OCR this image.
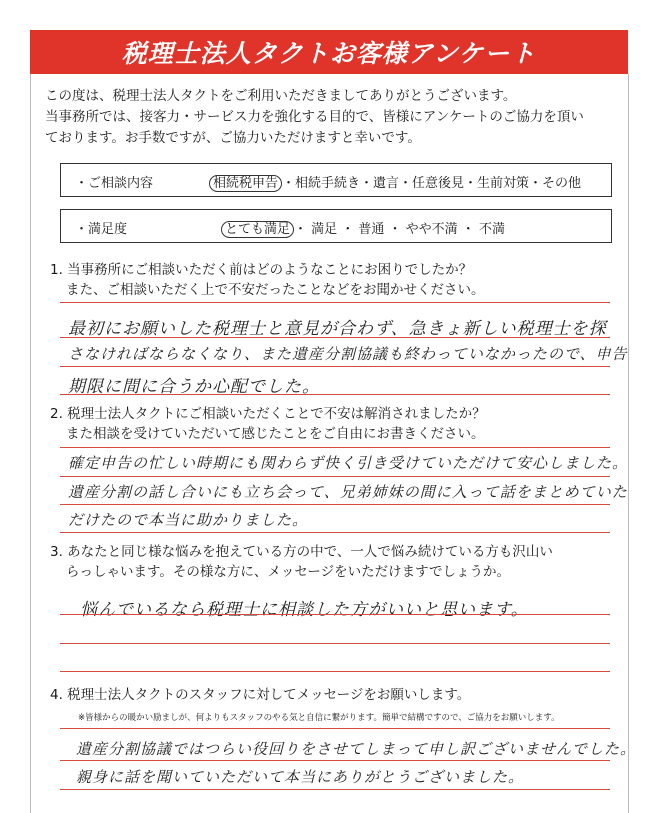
税理士法人タクトお客様アンケート
この度は、税理士法人タクトをご利用いただきましてありがとうございます。
当事務所では、接客力・サービス力を強化する目的で、皆様にアンケートのご協力を頂い
ております。お手数ですが、ご協力いただけますと幸いです。
・ご相談内容	相続税申告 ・相続手続き・遺言・任意後見・生前対策・その他
・満足度	とても満足 ・ 満足 ・ 普通 ・ やや不満 ・ 不満
1. 当事務所にご相談いただく前はどのようなことにお困りでしたか？
また、ご相談いただく上で不安だったことなどをお聞かせください。
最初にお願いした税理士と意見が合わず、急きょ新しい税理士を探
さなければならなくなり、また遺産分割協議も終わっていなかったので、申告
期限に間に合うか心配でした。
2. 税理士法人タクトにご相談いただくことで不安は解消されましたか？
また相談を受けていただいて感じたことをご自由にお書きください。
確定申告の忙しい時期にも関わらず快く引き受けていただけて安心しました。
遺産分割の話し合いにも立ち会って、兄弟姉妹の間に入って話をまとめていた
だけたので本当に助かりました。
3. あなたと同じ様な悩みを抱えている方の中で、一人で悩み続けている方も沢山い
らっしゃいます。その様な方に、メッセージをいただけますでしょうか。
悩んでいるなら税理士に相談した方がいいと思います。
4. 税理士法人タクトのスタッフに対してメッセージをお願いします。
※皆様からの暖かい励ましが、何よりもスタッフのやる気と自信に繋がります。簡単で結構ですので、ご協力をお願いします。
遺産分割協議ではつらい役回りをさせてしまって申し訳ございませんでした。
親身に話を聞いていただいて本当にありがとうございました。
